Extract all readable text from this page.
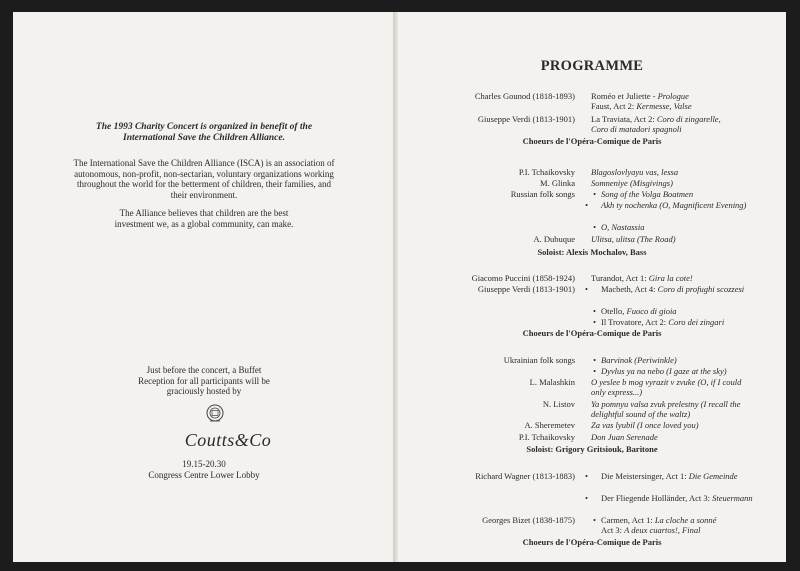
The 1993 Charity Concert is organized in benefit of the International Save the Children Alliance.

The International Save the Children Alliance (ISCA) is an association of autonomous, non-profit, non-sectarian, voluntary organizations working throughout the world for the betterment of children, their families, and their environment.

The Alliance believes that children are the best investment we, as a global community, can make.

Just before the concert, a Buffet Reception for all participants will be graciously hosted by
Coutts&Co
19.15-20.30
Congress Centre Lower Lobby
PROGRAMME
Charles Gounod (1818-1893) Roméo et Juliette - Prologue
Faust, Act 2: Kermesse, Valse
Giuseppe Verdi (1813-1901) La Traviata, Act 2: Coro di zingarelle,
Coro di matadori spagnoli
Choeurs de l'Opéra-Comique de Paris
P.I. Tchaikovsky Blagoslovlyayu vas, lessa
M. Glinka Somneniye (Misgivings)
Russian folk songs • Song of the Volga Boatmen
• Akh ty nochenka (O, Magnificent Evening)
• O, Nastassia
A. Dubuque Ulitsa, ulitsa (The Road)
Soloist: Alexis Mochalov, Bass
Giacomo Puccini (1858-1924) Turandot, Act 1: Gira la cote!
Giuseppe Verdi (1813-1901) • Macbeth, Act 4: Coro di profughi scozzesi
• Otello, Fuoco di gioia
• Il Trovatore, Act 2: Coro dei zingari
Choeurs de l'Opéra-Comique de Paris
Ukrainian folk songs • Barvinok (Periwinkle)
• Dyvlus ya na nebo (I gaze at the sky)
L. Malashkin O yeslee b mog vyrazit v zvuke (O, if I could only express...)
N. Listov Ya pomnyu valsa zvuk prelestny (I recall the delightful sound of the waltz)
A. Sheremetev Za vas lyubil (I once loved you)
P.I. Tchaikovsky Don Juan Serenade
Soloist: Grigory Gritsiouk, Baritone
Richard Wagner (1813-1883) • Die Meistersinger, Act 1: Die Gemeinde
• Der Fliegende Holländer, Act 3: Steuermann
Georges Bizet (1838-1875) • Carmen, Act 1: La cloche a sonné
Act 3: A deux cuartos!, Final
Choeurs de l'Opéra-Comique de Paris
